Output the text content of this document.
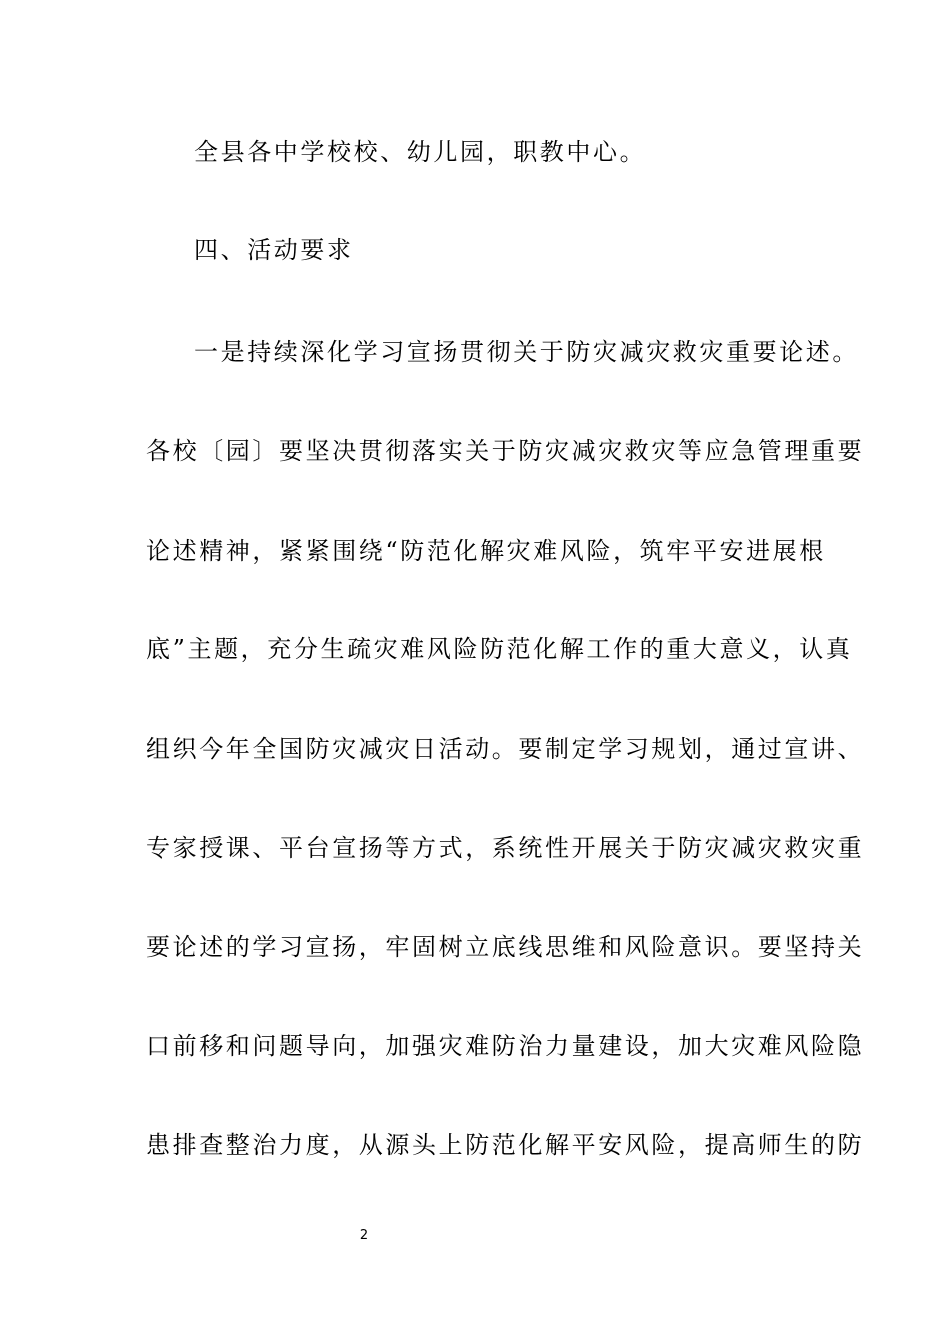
全县各中学校校、幼儿园，职教中心。
四、活动要求
一是持续深化学习宣扬贯彻关于防灾减灾救灾重要论述。
各校〔园〕要坚决贯彻落实关于防灾减灾救灾等应急管理重要
论述精神，紧紧围绕“防范化解灾难风险，筑牢平安进展根
底”主题，充分生疏灾难风险防范化解工作的重大意义，认真
组织今年全国防灾减灾日活动。要制定学习规划，通过宣讲、
专家授课、平台宣扬等方式，系统性开展关于防灾减灾救灾重
要论述的学习宣扬，牢固树立底线思维和风险意识。要坚持关
口前移和问题导向，加强灾难防治力量建设，加大灾难风险隐
患排查整治力度，从源头上防范化解平安风险，提高师生的防
2
